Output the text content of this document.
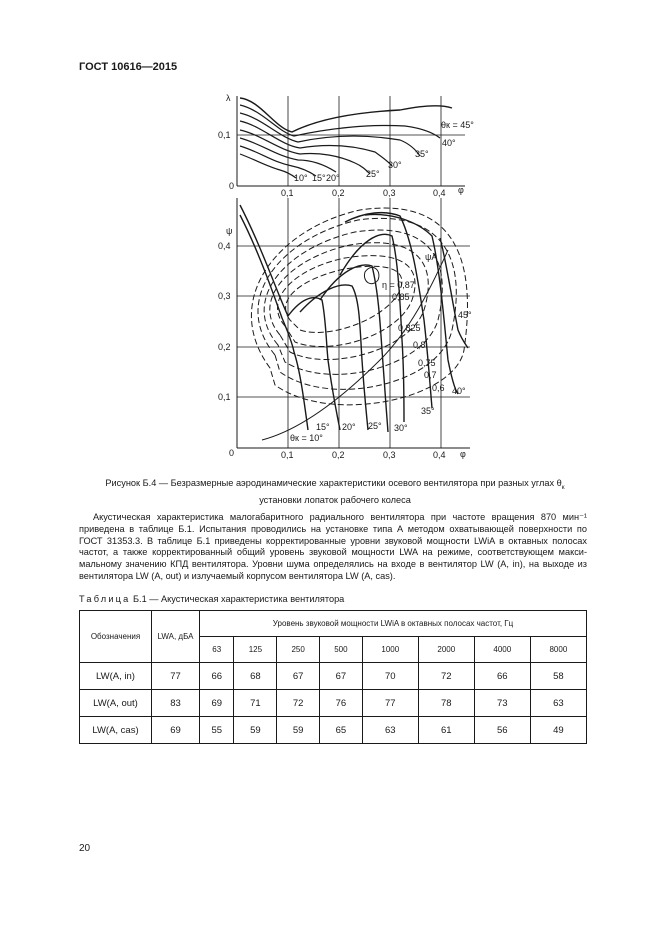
ГОСТ 10616—2015
λ
0,1
0
0,1	0,2	0,3	0,4 φ
θк = 45°
40°
35°
30°
25°
20°
15°
10°
ψ
0,4
0,3
0,2
0,1
0	0,1	0,2	0,3	0,4 φ
θк = 10°
15° 20° 25° 30°
35°
40°
45°
η = 0,87
0,85
0,825
0,8
0,75
0,7
0,6
ψA
Рисунок Б.4 — Безразмерные аэродинамические характеристики осевого вентилятора при разных углах $\theta_к$
установки лопаток рабочего колеса
Акустическая характеристика малогабаритного радиального вентилятора при частоте вращения 870 мин⁻¹
приведена в таблице Б.1. Испытания проводились на установке типа А методом охватывающей поверхности по
ГОСТ 31353.3. В таблице Б.1 приведены корректированные уровни звуковой мощности LWiA в октавных полосах
частот, а также корректированный общий уровень звуковой мощности LWA на режиме, соответствующем макси-
мальному значению КПД вентилятора. Уровни шума определялись на входе в вентилятор LW (A, in), на выходе из
вентилятора LW (A, out) и излучаемый корпусом вентилятора LW (A, cas).
Таблица Б.1 — Акустическая характеристика вентилятора
Обозначения	LWA, дБА	Уровень звуковой мощности LWiA в октавных полосах частот, Гц							
		63	125	250	500	1000	2000	4000	8000
LW(A, in)	77	66	68	67	67	70	72	66	58
LW(A, out)	83	69	71	72	76	77	78	73	63
LW(A, cas)	69	55	59	59	65	63	61	56	49
20
